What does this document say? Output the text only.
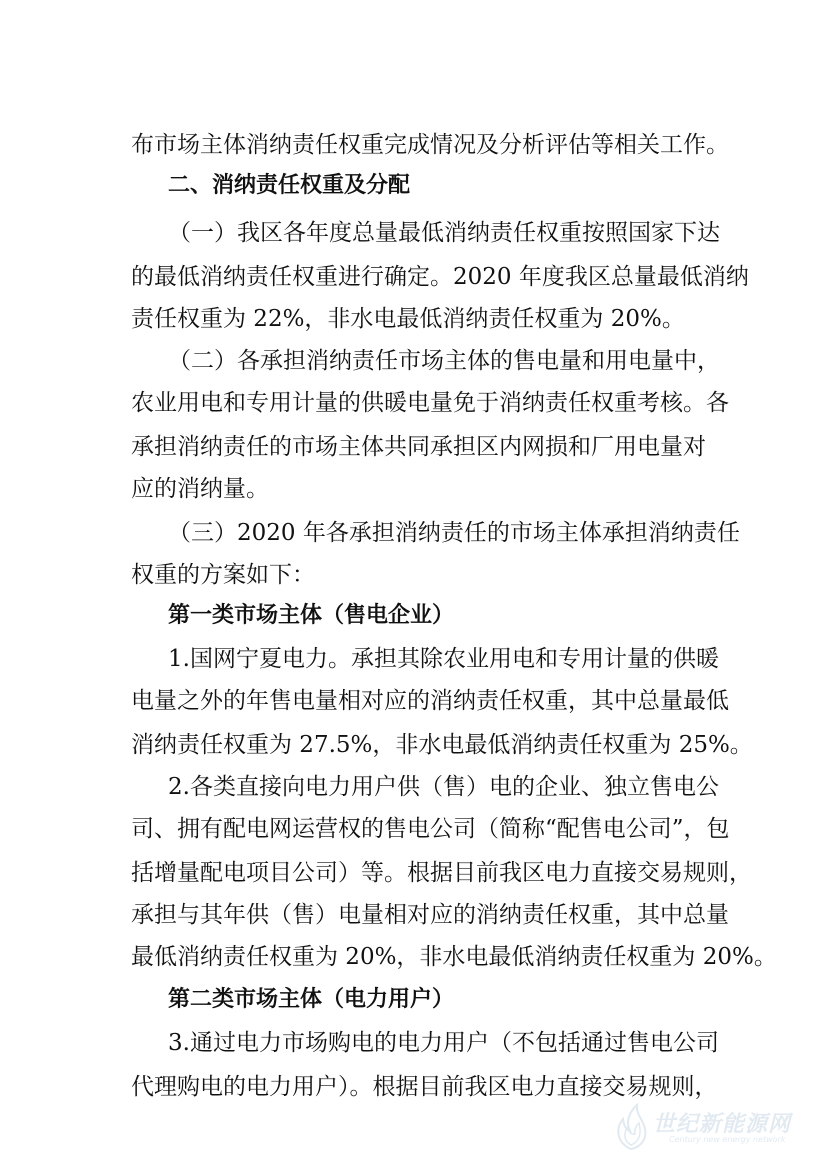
布市场主体消纳责任权重完成情况及分析评估等相关工作。

二、消纳责任权重及分配

（一）我区各年度总量最低消纳责任权重按照国家下达

的最低消纳责任权重进行确定。2020 年度我区总量最低消纳

责任权重为 22%，非水电最低消纳责任权重为 20%。

（二）各承担消纳责任市场主体的售电量和用电量中，

农业用电和专用计量的供暖电量免于消纳责任权重考核。各

承担消纳责任的市场主体共同承担区内网损和厂用电量对

应的消纳量。

（三）2020 年各承担消纳责任的市场主体承担消纳责任

权重的方案如下：

第一类市场主体（售电企业）

1.国网宁夏电力。承担其除农业用电和专用计量的供暖

电量之外的年售电量相对应的消纳责任权重，其中总量最低

消纳责任权重为 27.5%，非水电最低消纳责任权重为 25%。

2.各类直接向电力用户供（售）电的企业、独立售电公

司、拥有配电网运营权的售电公司（简称“配售电公司”，包

括增量配电项目公司）等。根据目前我区电力直接交易规则，

承担与其年供（售）电量相对应的消纳责任权重，其中总量

最低消纳责任权重为 20%，非水电最低消纳责任权重为 20%。

第二类市场主体（电力用户）

3.通过电力市场购电的电力用户（不包括通过售电公司

代理购电的电力用户）。根据目前我区电力直接交易规则，

世纪新能源网
Century new energy network
